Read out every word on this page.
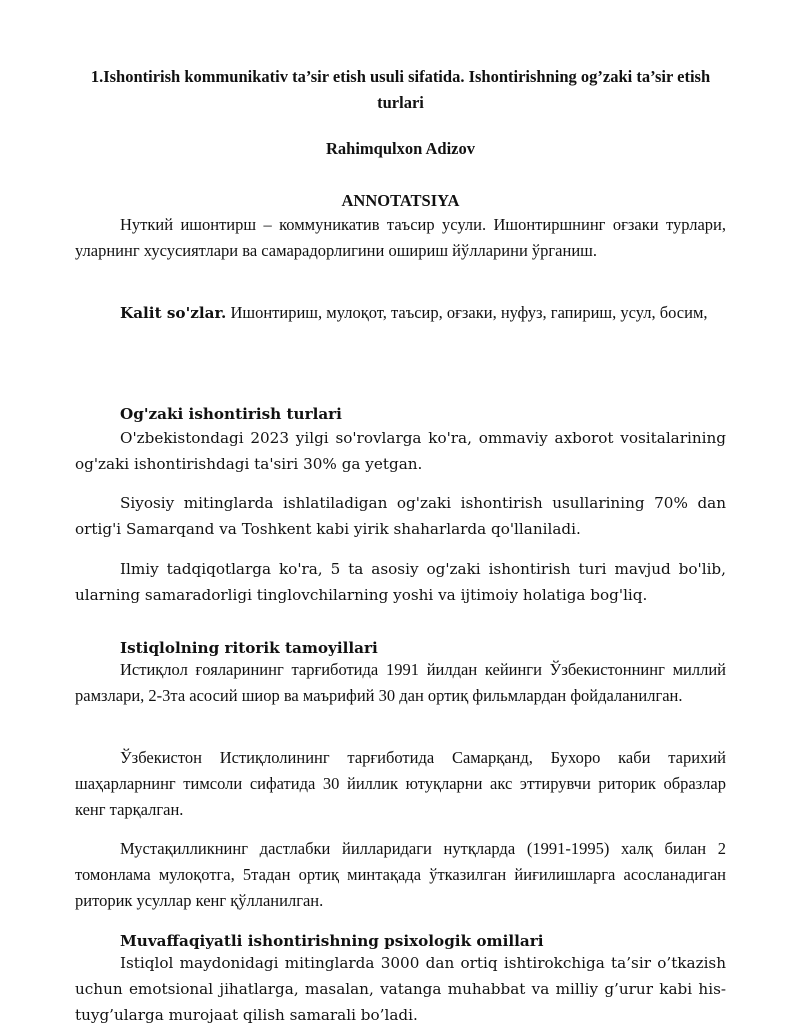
1.Ishontirish kommunikativ ta’sir etish usuli sifatida. Ishontirishning og’zaki ta’sir etish turlari
Rahimqulxon Adizov
ANNOTATSIYA

Нуткий ишонтирш – коммуникатив таъсир усули. Ишонтиршнинг оғзаки турлари, уларнинг хусусиятлари ва самарадорлигини ошириш йўлларини ўрганиш.

Kalit so'zlar. Ишонтириш, мулоқот, таъсир, оғзаки, нуфуз, гапириш, усул, босим,

Og'zaki ishontirish turlari

O'zbekistondagi 2023 yilgi so'rovlarga ko'ra, ommaviy axborot vositalarining og'zaki ishontirishdagi ta'siri 30% ga yetgan.

Siyosiy mitinglarda ishlatiladigan og'zaki ishontirish usullarining 70% dan ortig'i Samarqand va Toshkent kabi yirik shaharlarda qo'llaniladi.

Ilmiy tadqiqotlarga ko'ra, 5 ta asosiy og'zaki ishontirish turi mavjud bo'lib, ularning samaradorligi tinglovchilarning yoshi va ijtimoiy holatiga bog'liq.

Istiqlolning ritorik tamoyillari

Истиқлол ғояларининг тарғиботида 1991 йилдан кейинги Ўзбекистоннинг миллий рамзлари, 2-3та асосий шиор ва маърифий 30 дан ортиқ фильмлардан фойдаланилган.

Ўзбекистон Истиқлолининг тарғиботида Самарқанд, Бухоро каби тарихий шаҳарларнинг тимсоли сифатида 30 йиллик ютуқларни акс эттирувчи риторик образлар кенг тарқалган.

Мустақилликнинг дастлабки йилларидаги нутқларда (1991-1995) халқ билан 2 томонлама мулоқотга, 5тадан ортиқ минтақада ўтказилган йиғилишларга асосланадиган риторик усуллар кенг қўлланилган.

Muvaffaqiyatli ishontirishning psixologik omillari

Istiqlol maydonidagi mitinglarda 3000 dan ortiq ishtirokchiga ta’sir o’tkazish uchun emotsional jihatlarga, masalan, vatanga muhabbat va milliy g’urur kabi his-tuyg’ularga murojaat qilish samarali bo’ladi.
